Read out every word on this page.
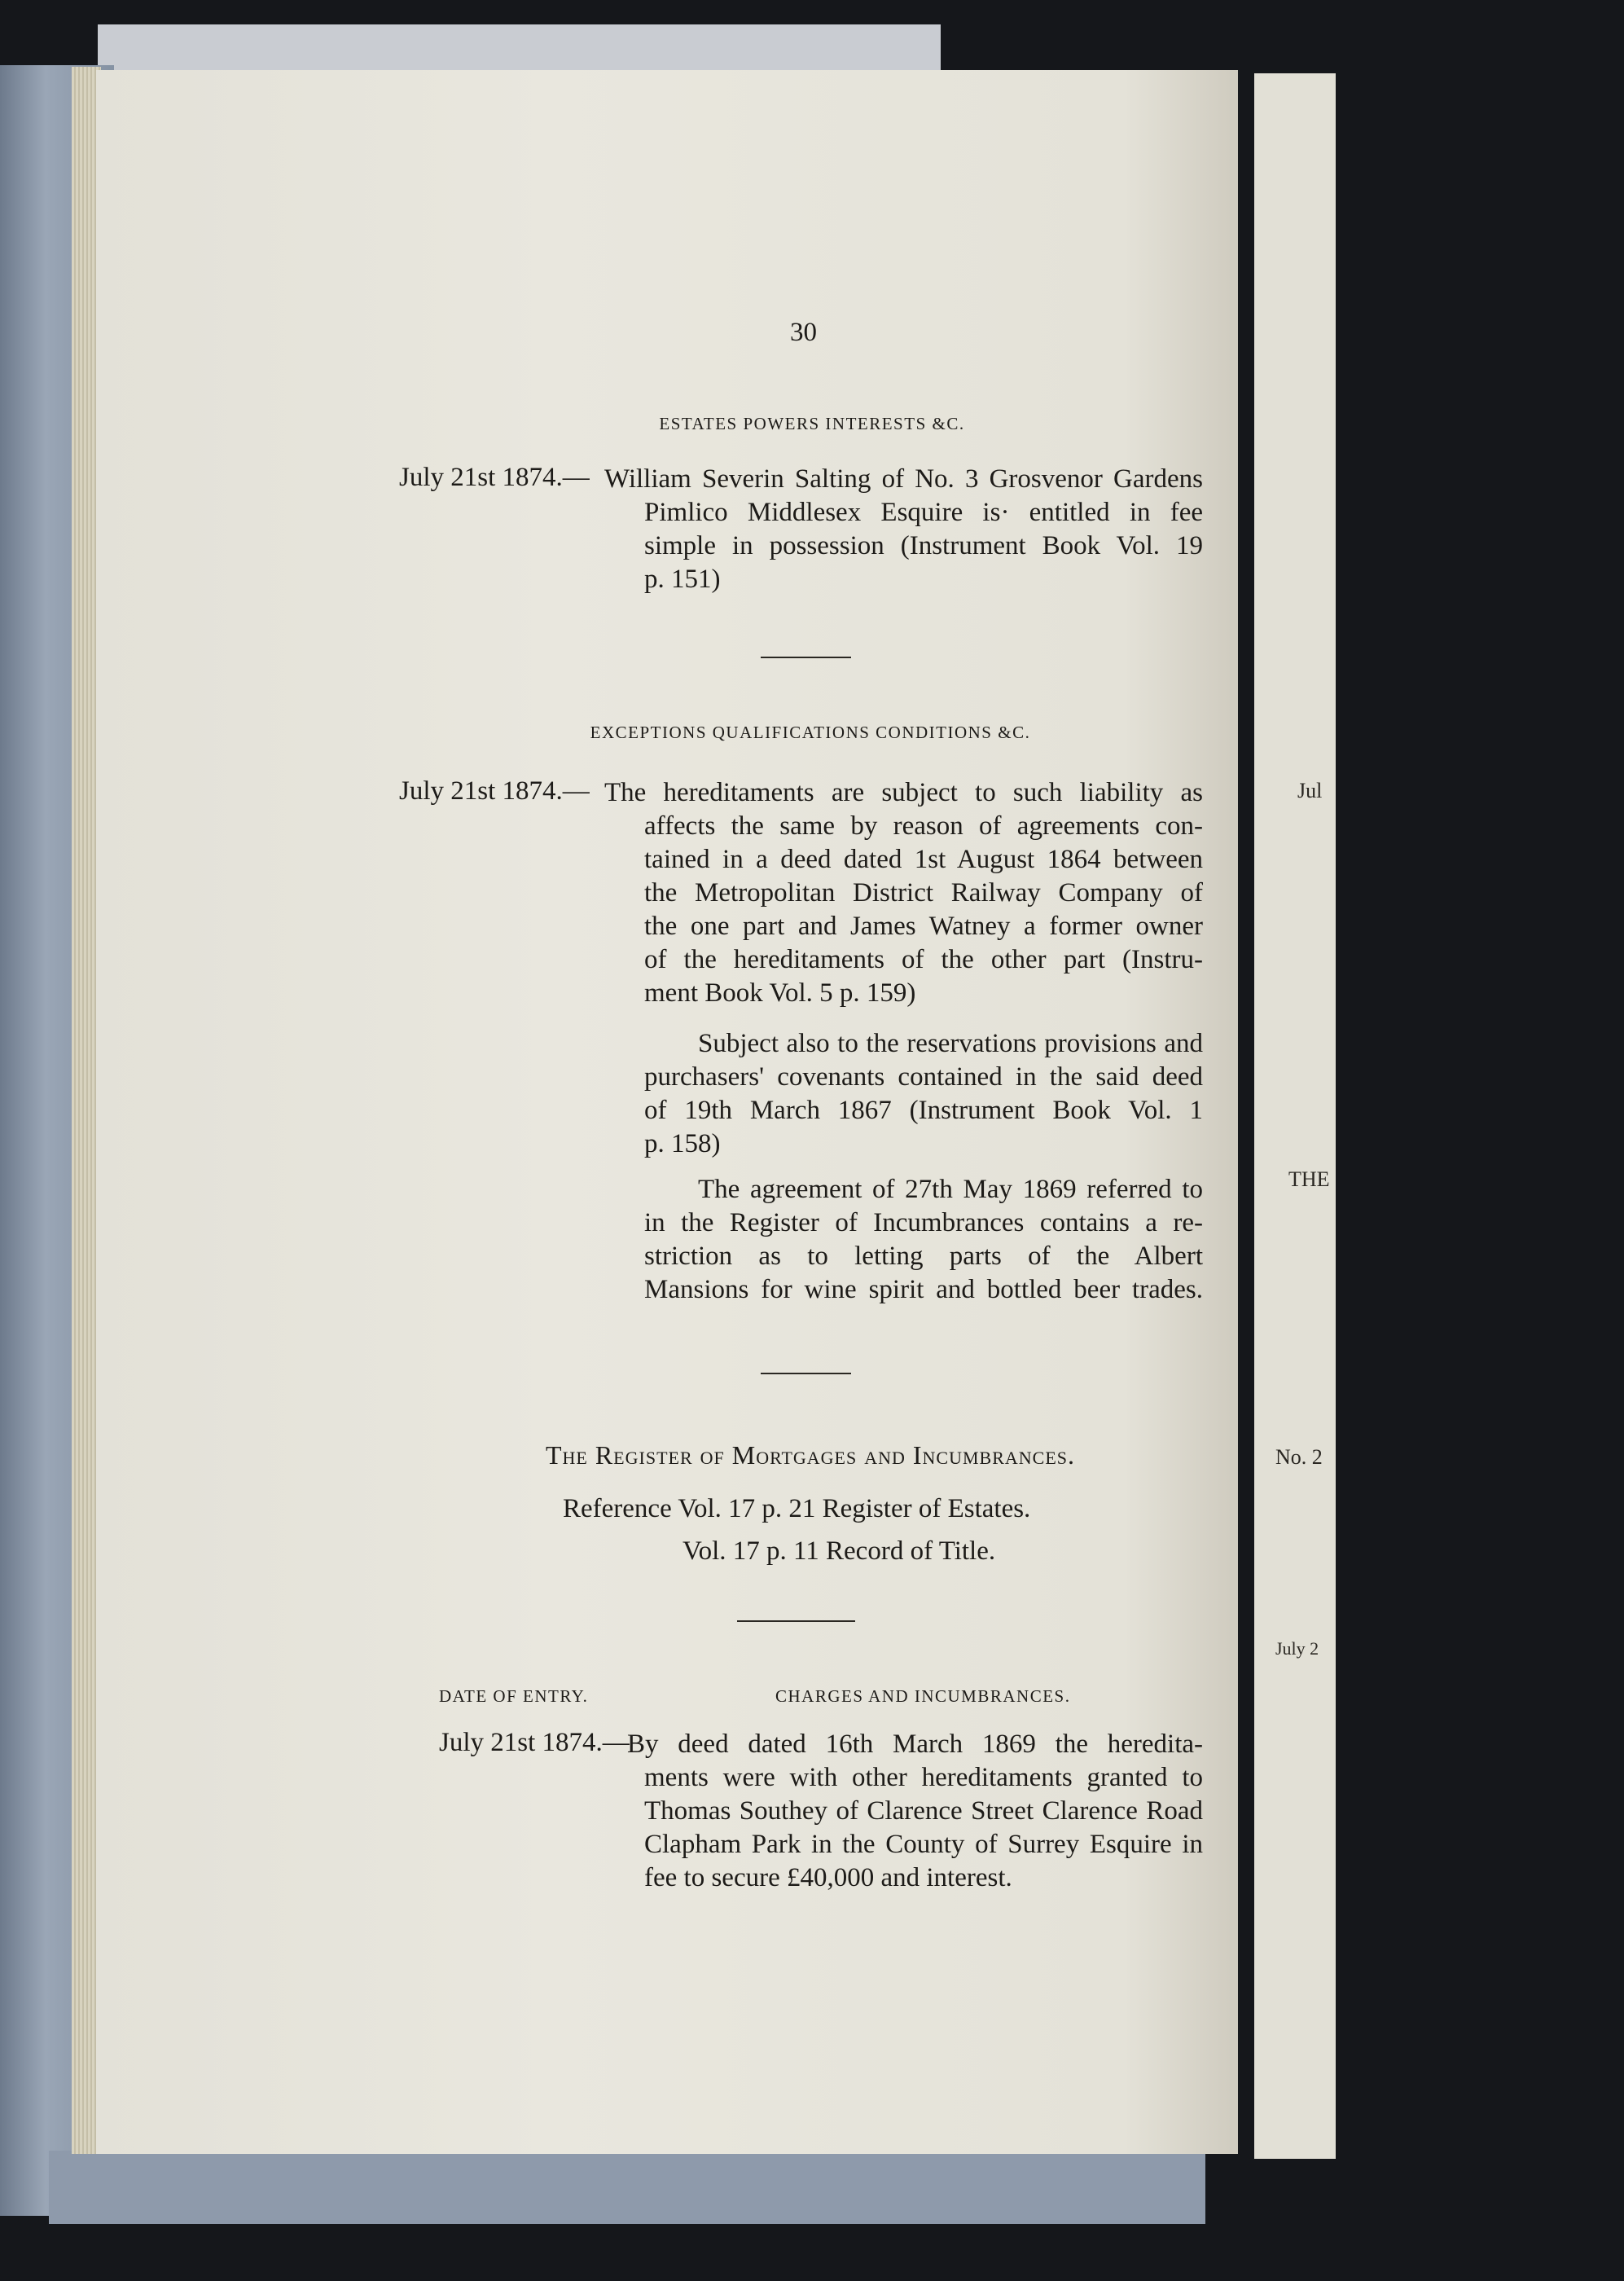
30
ESTATES POWERS INTERESTS &C.
July 21st 1874.— William Severin Salting of No. 3 Grosvenor Gardens
Pimlico Middlesex Esquire is· entitled in fee
simple in possession (Instrument Book Vol. 19
p. 151)
EXCEPTIONS QUALIFICATIONS CONDITIONS &C.
July 21st 1874.— The hereditaments are subject to such liability as
affects the same by reason of agreements con-
tained in a deed dated 1st August 1864 between
the Metropolitan District Railway Company of
the one part and James Watney a former owner
of the hereditaments of the other part (Instru-
ment Book Vol. 5 p. 159)
Subject also to the reservations provisions and
purchasers' covenants contained in the said deed
of 19th March 1867 (Instrument Book Vol. 1
p. 158)
The agreement of 27th May 1869 referred to
in the Register of Incumbrances contains a re-
striction as to letting parts of the Albert
Mansions for wine spirit and bottled beer trades.
The Register of Mortgages and Incumbrances.
Reference Vol. 17 p. 21 Register of Estates.
Vol. 17 p. 11 Record of Title.
DATE OF ENTRY.	CHARGES AND INCUMBRANCES.
July 21st 1874.—
By deed dated 16th March 1869 the heredita-
ments were with other hereditaments granted to
Thomas Southey of Clarence Street Clarence Road
Clapham Park in the County of Surrey Esquire in
fee to secure £40,000 and interest.
Jul
THE
No. 2
July 2
